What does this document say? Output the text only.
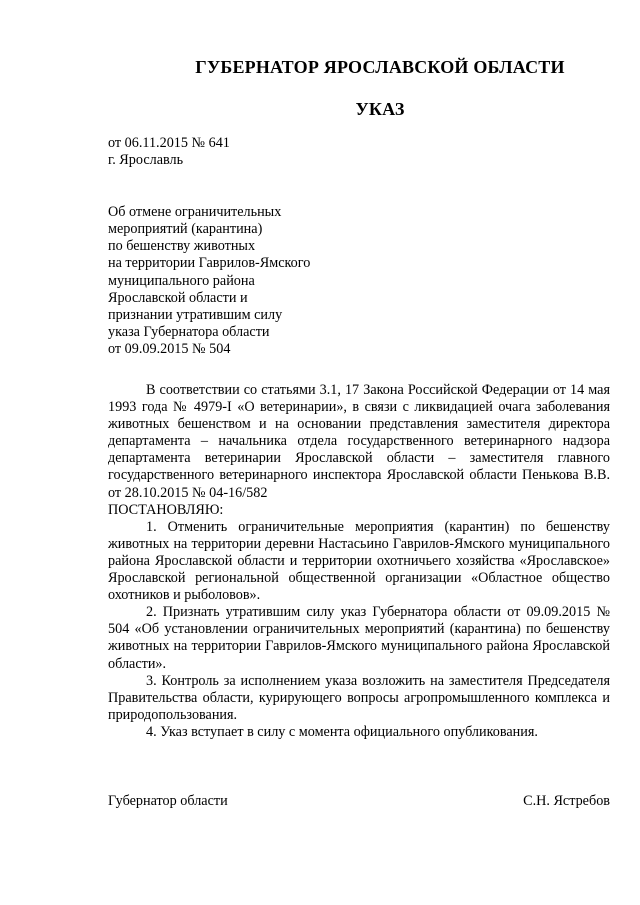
ГУБЕРНАТОР ЯРОСЛАВСКОЙ ОБЛАСТИ
УКАЗ
от 06.11.2015 № 641
г. Ярославль
Об отмене ограничительных
мероприятий (карантина)
по бешенству животных
на территории Гаврилов-Ямского
муниципального района
Ярославской области и
признании утратившим силу
указа Губернатора области
от 09.09.2015 № 504

В соответствии со статьями 3.1, 17 Закона Российской Федерации от 14 мая 1993 года № 4979-I «О ветеринарии», в связи с ликвидацией очага заболевания животных бешенством и на основании представления заместителя директора департамента – начальника отдела государственного ветеринарного надзора департамента ветеринарии Ярославской области – заместителя главного государственного ветеринарного инспектора Ярославской области Пенькова В.В. от 28.10.2015 № 04-16/582

ПОСТАНОВЛЯЮ:

1. Отменить ограничительные мероприятия (карантин) по бешенству животных на территории деревни Настасьино Гаврилов-Ямского муниципального района Ярославской области и территории охотничьего хозяйства «Ярославское» Ярославской региональной общественной организации «Областное общество охотников и рыболовов».

2. Признать утратившим силу указ Губернатора области от 09.09.2015 № 504 «Об установлении ограничительных мероприятий (карантина) по бешенству животных на территории Гаврилов-Ямского муниципального района Ярославской области».

3. Контроль за исполнением указа возложить на заместителя Председателя Правительства области, курирующего вопросы агропромышленного комплекса и природопользования.

4. Указ вступает в силу с момента официального опубликования.

Губернатор области	С.Н. Ястребов
